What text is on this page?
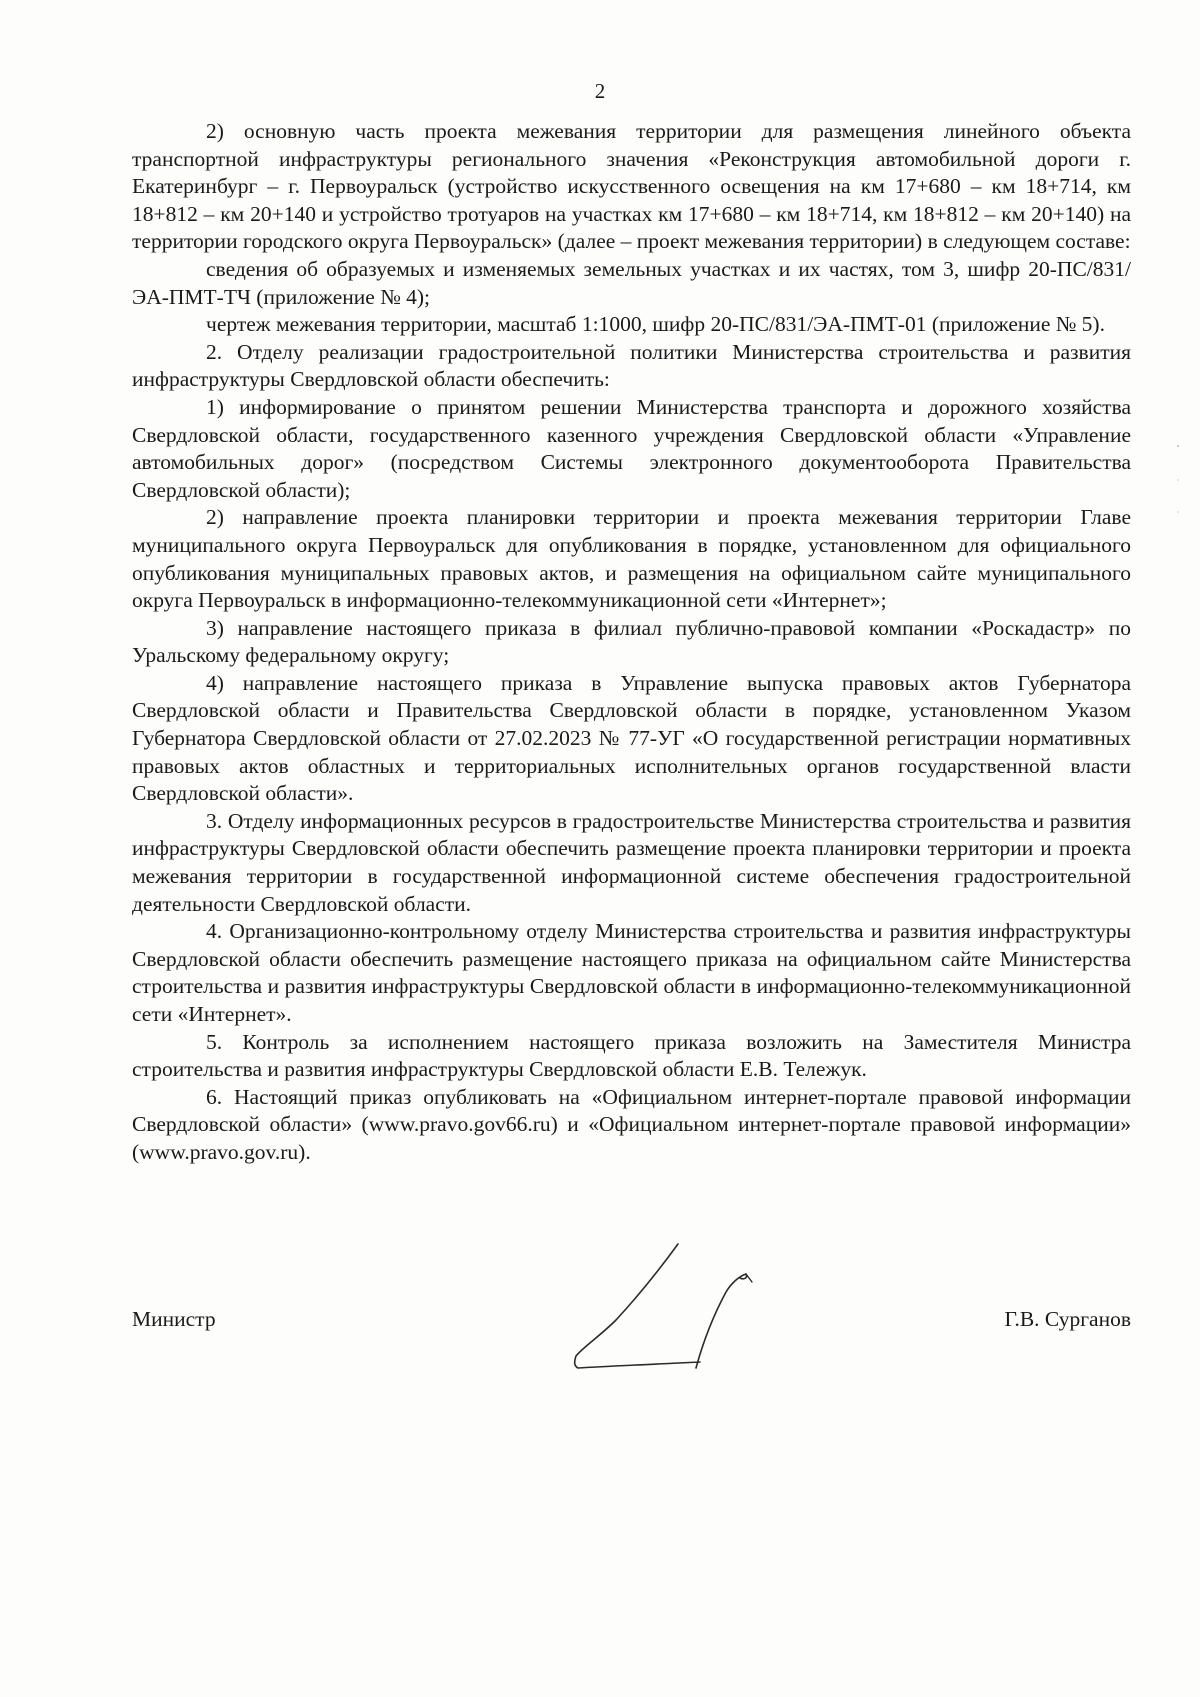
2

2) основную часть проекта межевания территории для размещения линейного объекта транспортной инфраструктуры регионального значения «Реконструкция автомобильной дороги г. Екатеринбург – г. Первоуральск (устройство искусственного освещения на км 17+680 – км 18+714, км 18+812 – км 20+140 и устройство тротуаров на участках км 17+680 – км 18+714, км 18+812 – км 20+140) на территории городского округа Первоуральск» (далее – проект межевания территории) в следующем составе:

сведения об образуемых и изменяемых земельных участках и их частях, том 3, шифр 20-ПС/831/ЭА-ПМТ-ТЧ (приложение № 4);

чертеж межевания территории, масштаб 1:1000, шифр 20-ПС/831/ЭА-ПМТ-01 (приложение № 5).

2. Отделу реализации градостроительной политики Министерства строительства и развития инфраструктуры Свердловской области обеспечить:

1) информирование о принятом решении Министерства транспорта и дорожного хозяйства Свердловской области, государственного казенного учреждения Свердловской области «Управление автомобильных дорог» (посредством Системы электронного документооборота Правительства Свердловской области);

2) направление проекта планировки территории и проекта межевания территории Главе муниципального округа Первоуральск для опубликования в порядке, установленном для официального опубликования муниципальных правовых актов, и размещения на официальном сайте муниципального округа Первоуральск в информационно-телекоммуникационной сети «Интернет»;

3) направление настоящего приказа в филиал публично-правовой компании «Роскадастр» по Уральскому федеральному округу;

4) направление настоящего приказа в Управление выпуска правовых актов Губернатора Свердловской области и Правительства Свердловской области в порядке, установленном Указом Губернатора Свердловской области от 27.02.2023 № 77-УГ «О государственной регистрации нормативных правовых актов областных и территориальных исполнительных органов государственной власти Свердловской области».

3. Отделу информационных ресурсов в градостроительстве Министерства строительства и развития инфраструктуры Свердловской области обеспечить размещение проекта планировки территории и проекта межевания территории в государственной информационной системе обеспечения градостроительной деятельности Свердловской области.

4. Организационно-контрольному отделу Министерства строительства и развития инфраструктуры Свердловской области обеспечить размещение настоящего приказа на официальном сайте Министерства строительства и развития инфраструктуры Свердловской области в информационно-телекоммуникационной сети «Интернет».

5. Контроль за исполнением настоящего приказа возложить на Заместителя Министра строительства и развития инфраструктуры Свердловской области Е.В. Тележук.

6. Настоящий приказ опубликовать на «Официальном интернет-портале правовой информации Свердловской области» (www.pravo.gov66.ru) и «Официальном интернет-портале правовой информации» (www.pravo.gov.ru).

Министр	Г.В. Сурганов
